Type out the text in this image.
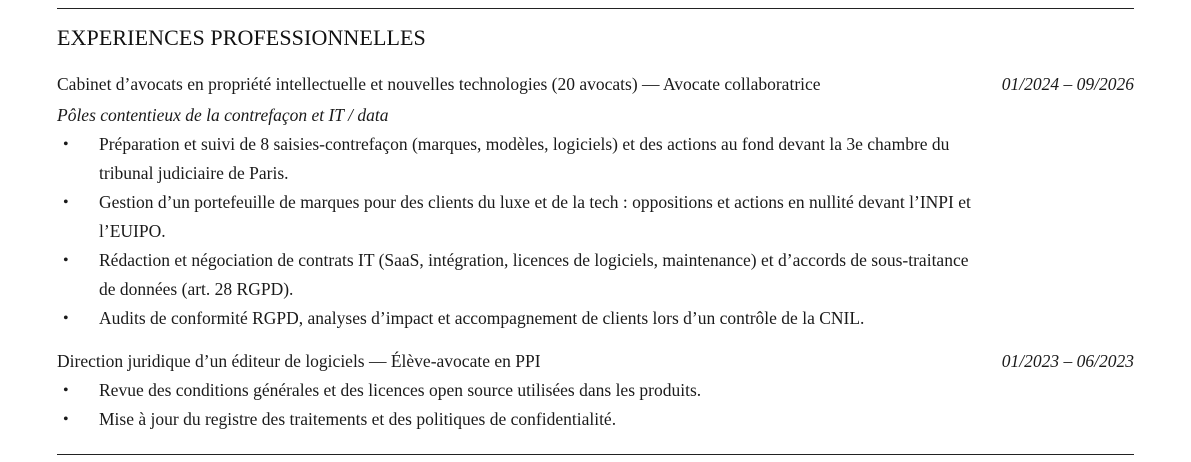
EXPERIENCES PROFESSIONNELLES
Cabinet d’avocats en propriété intellectuelle et nouvelles technologies (20 avocats) — Avocate collaboratrice	01/2024 – 09/2026
Pôles contentieux de la contrefaçon et IT / data
• Préparation et suivi de 8 saisies-contrefaçon (marques, modèles, logiciels) et des actions au fond devant la 3e chambre du tribunal judiciaire de Paris.
• Gestion d’un portefeuille de marques pour des clients du luxe et de la tech : oppositions et actions en nullité devant l’INPI et l’EUIPO.
• Rédaction et négociation de contrats IT (SaaS, intégration, licences de logiciels, maintenance) et d’accords de sous-traitance de données (art. 28 RGPD).
• Audits de conformité RGPD, analyses d’impact et accompagnement de clients lors d’un contrôle de la CNIL.
Direction juridique d’un éditeur de logiciels — Élève-avocate en PPI	01/2023 – 06/2023
• Revue des conditions générales et des licences open source utilisées dans les produits.
• Mise à jour du registre des traitements et des politiques de confidentialité.
